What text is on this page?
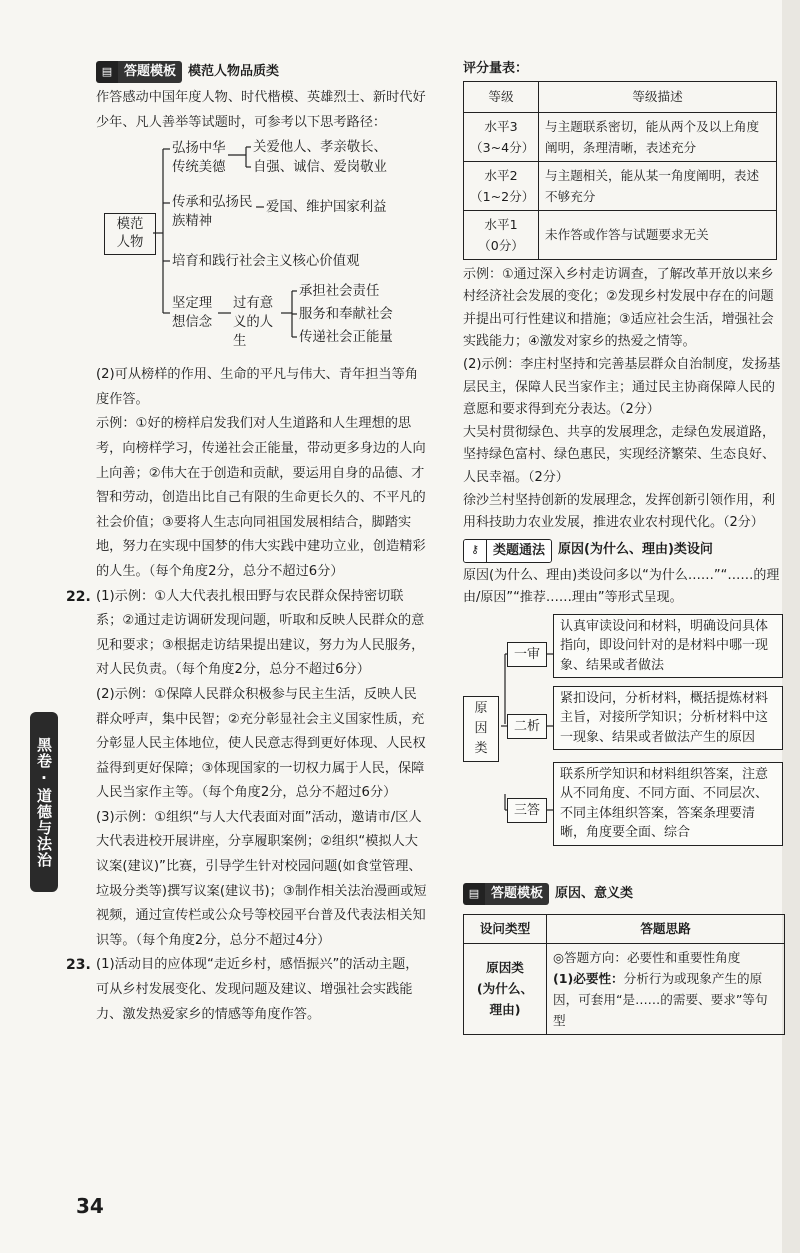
黑卷·道德与法治
▤ 答题模板 模范人物品质类

作答感动中国年度人物、时代楷模、英雄烈士、新时代好少年、凡人善举等试题时，可参考以下思考路径：

模范人物
弘扬中华传统美德
关爱他人、孝亲敬长、
自强、诚信、爱岗敬业
传承和弘扬民族精神
爱国、维护国家利益
培育和践行社会主义核心价值观
坚定理想信念
过有意义的人生
承担社会责任
服务和奉献社会
传递社会正能量

(2)可从榜样的作用、生命的平凡与伟大、青年担当等角度作答。

示例：①好的榜样启发我们对人生道路和人生理想的思考，向榜样学习，传递社会正能量，带动更多身边的人向上向善；②伟大在于创造和贡献，要运用自身的品德、才智和劳动，创造出比自己有限的生命更长久的、不平凡的社会价值；③要将人生志向同祖国发展相结合，脚踏实地，努力在实现中国梦的伟大实践中建功立业，创造精彩的人生。（每个角度2分，总分不超过6分）

22. (1)示例：①人大代表扎根田野与农民群众保持密切联系；②通过走访调研发现问题，听取和反映人民群众的意见和要求；③根据走访结果提出建议，努力为人民服务，对人民负责。（每个角度2分，总分不超过6分）

(2)示例：①保障人民群众积极参与民主生活，反映人民群众呼声，集中民智；②充分彰显社会主义国家性质，充分彰显人民主体地位，使人民意志得到更好体现、人民权益得到更好保障；③体现国家的一切权力属于人民，保障人民当家作主等。（每个角度2分，总分不超过6分）

(3)示例：①组织“与人大代表面对面”活动，邀请市/区人大代表进校开展讲座，分享履职案例；②组织“模拟人大议案(建议)”比赛，引导学生针对校园问题(如食堂管理、垃圾分类等)撰写议案(建议书)；③制作相关法治漫画或短视频，通过宣传栏或公众号等校园平台普及代表法相关知识等。（每个角度2分，总分不超过4分）

23. (1)活动目的应体现“走近乡村，感悟振兴”的活动主题，可从乡村发展变化、发现问题及建议、增强社会实践能力、激发热爱家乡的情感等角度作答。

评分量表：

等级	等级描述
水平3
（3~4分）	与主题联系密切，能从两个及以上角度阐明，条理清晰，表述充分
水平2
（1~2分）	与主题相关，能从某一角度阐明，表述不够充分
水平1
（0分）	未作答或作答与试题要求无关

示例：①通过深入乡村走访调查，了解改革开放以来乡村经济社会发展的变化；②发现乡村发展中存在的问题并提出可行性建议和措施；③适应社会生活，增强社会实践能力；④激发对家乡的热爱之情等。

(2)示例：李庄村坚持和完善基层群众自治制度，发扬基层民主，保障人民当家作主；通过民主协商保障人民的意愿和要求得到充分表达。（2分）

大吴村贯彻绿色、共享的发展理念，走绿色发展道路，坚持绿色富村、绿色惠民，实现经济繁荣、生态良好、人民幸福。（2分）

徐沙兰村坚持创新的发展理念，发挥创新引领作用，利用科技助力农业发展，推进农业农村现代化。（2分）

⚷	类题通法	原因(为什么、理由)类设问

原因(为什么、理由)类设问多以“为什么……”“……的理由/原因”“推荐……理由”等形式呈现。

原因类
一审
认真审读设问和材料，明确设问具体指向，即设问针对的是材料中哪一现象、结果或者做法
二析
紧扣设问，分析材料，概括提炼材料主旨，对接所学知识；分析材料中这一现象、结果或者做法产生的原因
三答
联系所学知识和材料组织答案，注意从不同角度、不同方面、不同层次、不同主体组织答案，答案条理要清晰，角度要全面、综合
▤ 答题模板 原因、意义类
设问类型	答题思路
原因类
(为什么、
理由)	◎答题方向：必要性和重要性角度
(1)必要性：分析行为或现象产生的原因，可套用“是……的需要、要求”等句型
34
